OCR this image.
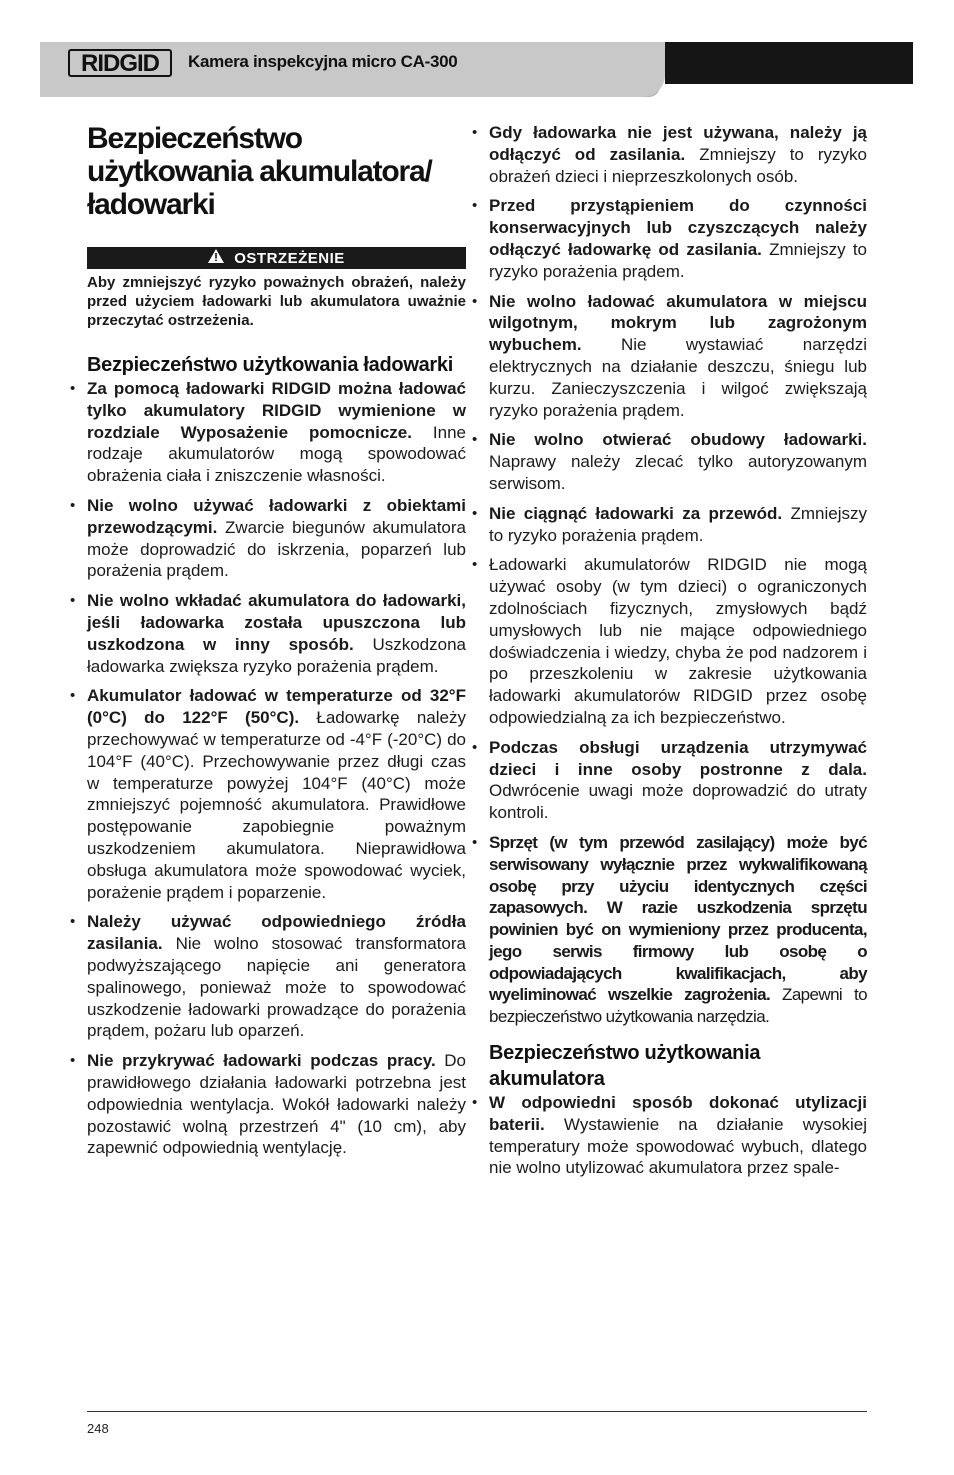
RIDGID Kamera inspekcyjna micro CA-300
Bezpieczeństwo użytkowania akumulatora/ładowarki
OSTRZEŻENIE
Aby zmniejszyć ryzyko poważnych obrażeń, należy przed użyciem ładowarki lub akumulatora uważnie przeczytać ostrzeżenia.
Bezpieczeństwo użytkowania ładowarki
• Za pomocą ładowarki RIDGID można ładować tylko akumulatory RIDGID wymienione w rozdziale Wyposażenie pomocnicze. Inne rodzaje akumulatorów mogą spowodować obrażenia ciała i zniszczenie własności.
• Nie wolno używać ładowarki z obiektami przewodzącymi. Zwarcie biegunów akumulatora może doprowadzić do iskrzenia, poparzeń lub porażenia prądem.
• Nie wolno wkładać akumulatora do ładowarki, jeśli ładowarka została upuszczona lub uszkodzona w inny sposób. Uszkodzona ładowarka zwiększa ryzyko porażenia prądem.
• Akumulator ładować w temperaturze od 32°F (0°C) do 122°F (50°C). Ładowarkę należy przechowywać w temperaturze od -4°F (-20°C) do 104°F (40°C). Przechowywanie przez długi czas w temperaturze powyżej 104°F (40°C) może zmniejszyć pojemność akumulatora. Prawidłowe postępowanie zapobiegnie poważnym uszkodzeniem akumulatora. Nieprawidłowa obsługa akumulatora może spowodować wyciek, porażenie prądem i poparzenie.
• Należy używać odpowiedniego źródła zasilania. Nie wolno stosować transformatora podwyższającego napięcie ani generatora spalinowego, ponieważ może to spowodować uszkodzenie ładowarki prowadzące do porażenia prądem, pożaru lub oparzeń.
• Nie przykrywać ładowarki podczas pracy. Do prawidłowego działania ładowarki potrzebna jest odpowiednia wentylacja. Wokół ładowarki należy pozostawić wolną przestrzeń 4" (10 cm), aby zapewnić odpowiednią wentylację.
• Gdy ładowarka nie jest używana, należy ją odłączyć od zasilania. Zmniejszy to ryzyko obrażeń dzieci i nieprzeszkolonych osób.
• Przed przystąpieniem do czynności konserwacyjnych lub czyszczących należy odłączyć ładowarkę od zasilania. Zmniejszy to ryzyko porażenia prądem.
• Nie wolno ładować akumulatora w miejscu wilgotnym, mokrym lub zagrożonym wybuchem. Nie wystawiać narzędzi elektrycznych na działanie deszczu, śniegu lub kurzu. Zanieczyszczenia i wilgoć zwiększają ryzyko porażenia prądem.
• Nie wolno otwierać obudowy ładowarki. Naprawy należy zlecać tylko autoryzowanym serwisom.
• Nie ciągnąć ładowarki za przewód. Zmniejszy to ryzyko porażenia prądem.
• Ładowarki akumulatorów RIDGID nie mogą używać osoby (w tym dzieci) o ograniczonych zdolnościach fizycznych, zmysłowych bądź umysłowych lub nie mające odpowiedniego doświadczenia i wiedzy, chyba że pod nadzorem i po przeszkoleniu w zakresie użytkowania ładowarki akumulatorów RIDGID przez osobę odpowiedzialną za ich bezpieczeństwo.
• Podczas obsługi urządzenia utrzymywać dzieci i inne osoby postronne z dala. Odwrócenie uwagi może doprowadzić do utraty kontroli.
• Sprzęt (w tym przewód zasilający) może być serwisowany wyłącznie przez wykwalifikowaną osobę przy użyciu identycznych części zapasowych. W razie uszkodzenia sprzętu powinien być on wymieniony przez producenta, jego serwis firmowy lub osobę o odpowiadających kwalifikacjach, aby wyeliminować wszelkie zagrożenia. Zapewni to bezpieczeństwo użytkowania narzędzia.
Bezpieczeństwo użytkowania akumulatora
• W odpowiedni sposób dokonać utylizacji baterii. Wystawienie na działanie wysokiej temperatury może spowodować wybuch, dlatego nie wolno utylizować akumulatora przez spale-
248
